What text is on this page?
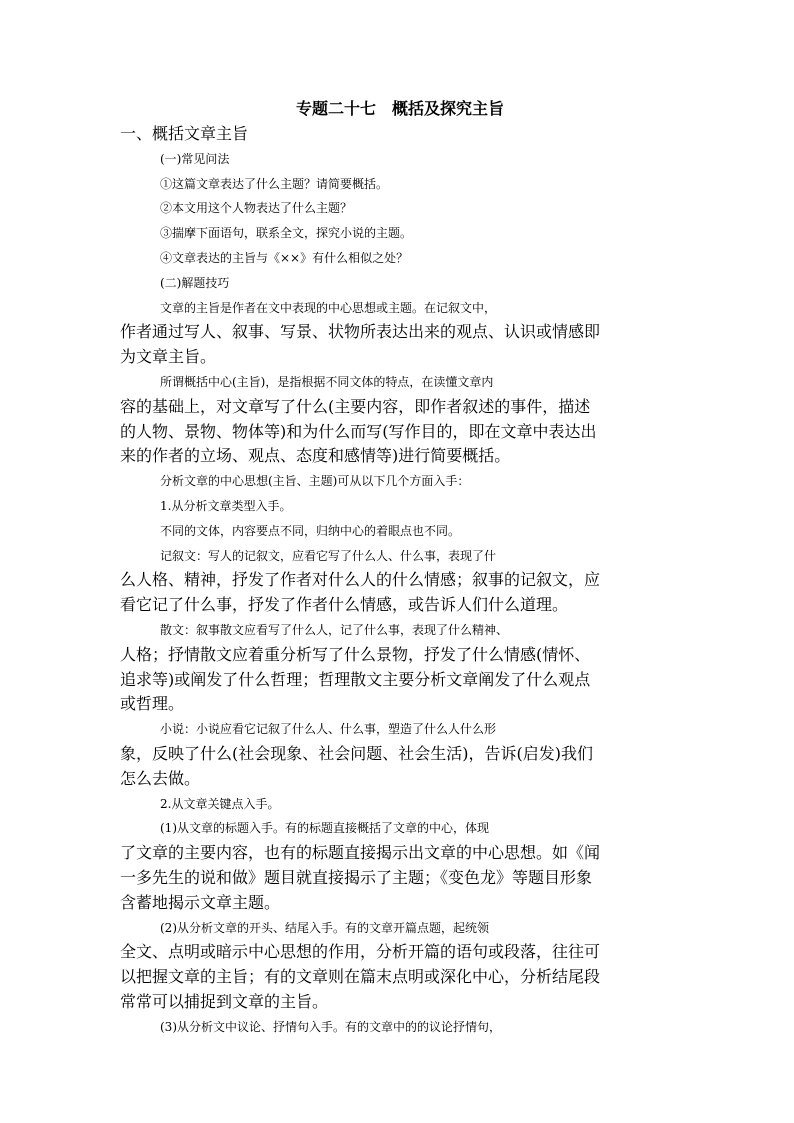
专题二十七　概括及探究主旨

一、概括文章主旨

(一)常见问法

①这篇文章表达了什么主题？请简要概括。

②本文用这个人物表达了什么主题？

③揣摩下面语句，联系全文，探究小说的主题。

④文章表达的主旨与《××》有什么相似之处？

(二)解题技巧

文章的主旨是作者在文中表现的中心思想或主题。在记叙文中，

作者通过写人、叙事、写景、状物所表达出来的观点、认识或情感即

为文章主旨。

所谓概括中心(主旨)，是指根据不同文体的特点，在读懂文章内

容的基础上，对文章写了什么(主要内容，即作者叙述的事件，描述

的人物、景物、物体等)和为什么而写(写作目的，即在文章中表达出

来的作者的立场、观点、态度和感情等)进行简要概括。

分析文章的中心思想(主旨、主题)可从以下几个方面入手：

1.从分析文章类型入手。

不同的文体，内容要点不同，归纳中心的着眼点也不同。

记叙文：写人的记叙文，应看它写了什么人、什么事，表现了什

么人格、精神，抒发了作者对什么人的什么情感；叙事的记叙文，应

看它记了什么事，抒发了作者什么情感，或告诉人们什么道理。

散文：叙事散文应看写了什么人，记了什么事，表现了什么精神、

人格；抒情散文应着重分析写了什么景物，抒发了什么情感(情怀、

追求等)或阐发了什么哲理；哲理散文主要分析文章阐发了什么观点

或哲理。

小说：小说应看它记叙了什么人、什么事，塑造了什么人什么形

象，反映了什么(社会现象、社会问题、社会生活)，告诉(启发)我们

怎么去做。

2.从文章关键点入手。

(1)从文章的标题入手。有的标题直接概括了文章的中心，体现

了文章的主要内容，也有的标题直接揭示出文章的中心思想。如《闻

一多先生的说和做》题目就直接揭示了主题；《变色龙》等题目形象

含蓄地揭示文章主题。

(2)从分析文章的开头、结尾入手。有的文章开篇点题，起统领

全文、点明或暗示中心思想的作用，分析开篇的语句或段落，往往可

以把握文章的主旨；有的文章则在篇末点明或深化中心，分析结尾段

常常可以捕捉到文章的主旨。

(3)从分析文中议论、抒情句入手。有的文章中的的议论抒情句，
